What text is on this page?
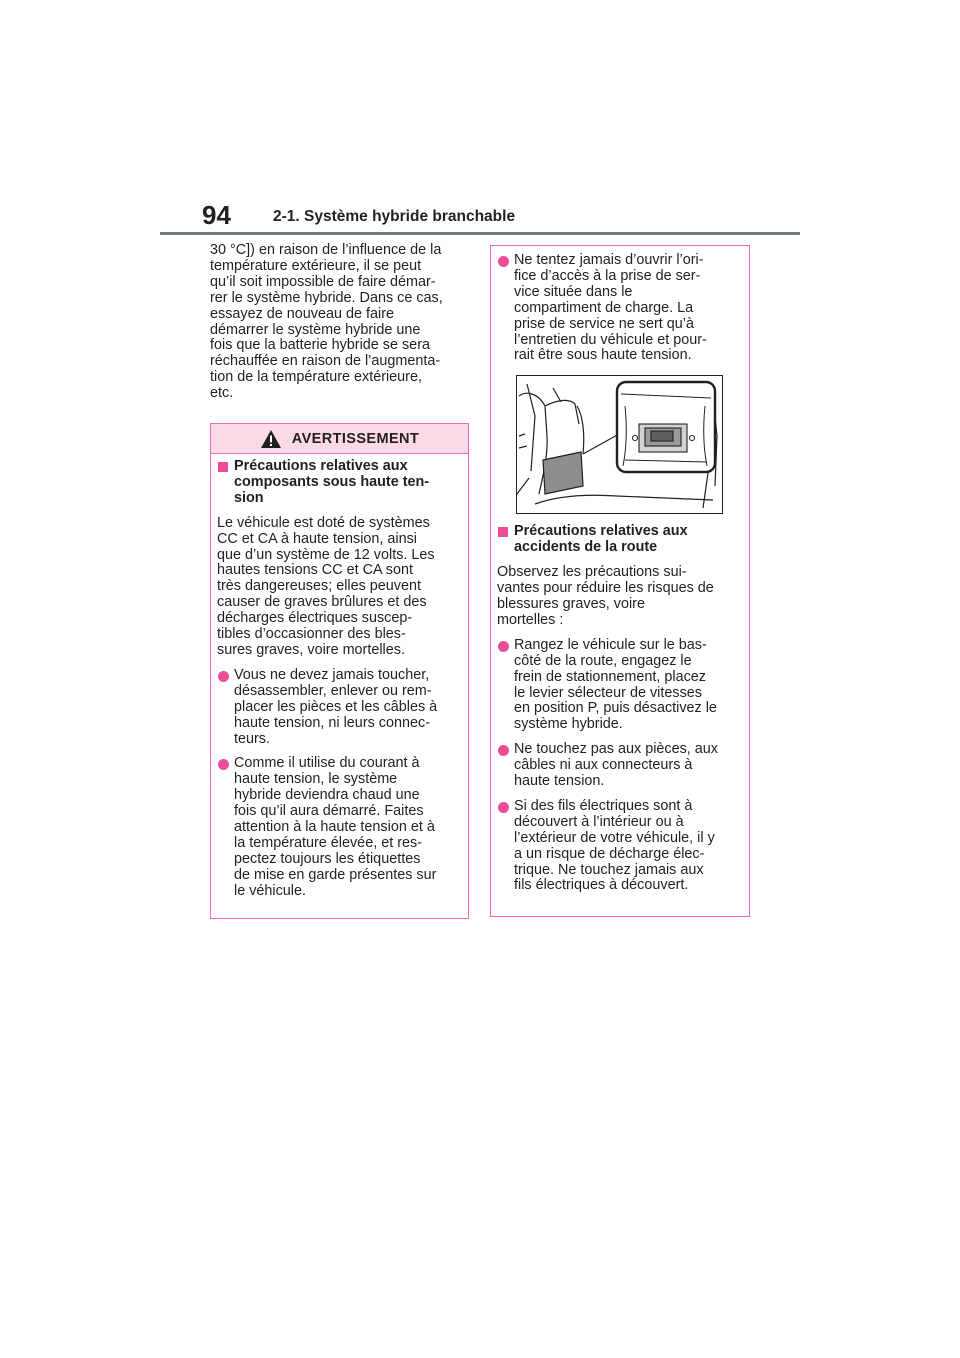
94	2-1. Système hybride branchable

30 °C]) en raison de l’influence de la
température extérieure, il se peut
qu’il soit impossible de faire démar-
rer le système hybride. Dans ce cas,
essayez de nouveau de faire
démarrer le système hybride une
fois que la batterie hybride se sera
réchauffée en raison de l’augmenta-
tion de la température extérieure,
etc.

AVERTISSEMENT

Précautions relatives aux
composants sous haute ten-
sion

Le véhicule est doté de systèmes
CC et CA à haute tension, ainsi
que d’un système de 12 volts. Les
hautes tensions CC et CA sont
très dangereuses; elles peuvent
causer de graves brûlures et des
décharges électriques suscep-
tibles d’occasionner des bles-
sures graves, voire mortelles.

Vous ne devez jamais toucher,
désassembler, enlever ou rem-
placer les pièces et les câbles à
haute tension, ni leurs connec-
teurs.

Comme il utilise du courant à
haute tension, le système
hybride deviendra chaud une
fois qu’il aura démarré. Faites
attention à la haute tension et à
la température élevée, et res-
pectez toujours les étiquettes
de mise en garde présentes sur
le véhicule.

Ne tentez jamais d’ouvrir l’ori-
fice d’accès à la prise de ser-
vice située dans le
compartiment de charge. La
prise de service ne sert qu’à
l’entretien du véhicule et pour-
rait être sous haute tension.

Précautions relatives aux
accidents de la route

Observez les précautions sui-
vantes pour réduire les risques de
blessures graves, voire
mortelles :

Rangez le véhicule sur le bas-
côté de la route, engagez le
frein de stationnement, placez
le levier sélecteur de vitesses
en position P, puis désactivez le
système hybride.

Ne touchez pas aux pièces, aux
câbles ni aux connecteurs à
haute tension.

Si des fils électriques sont à
découvert à l’intérieur ou à
l’extérieur de votre véhicule, il y
a un risque de décharge élec-
trique. Ne touchez jamais aux
fils électriques à découvert.
